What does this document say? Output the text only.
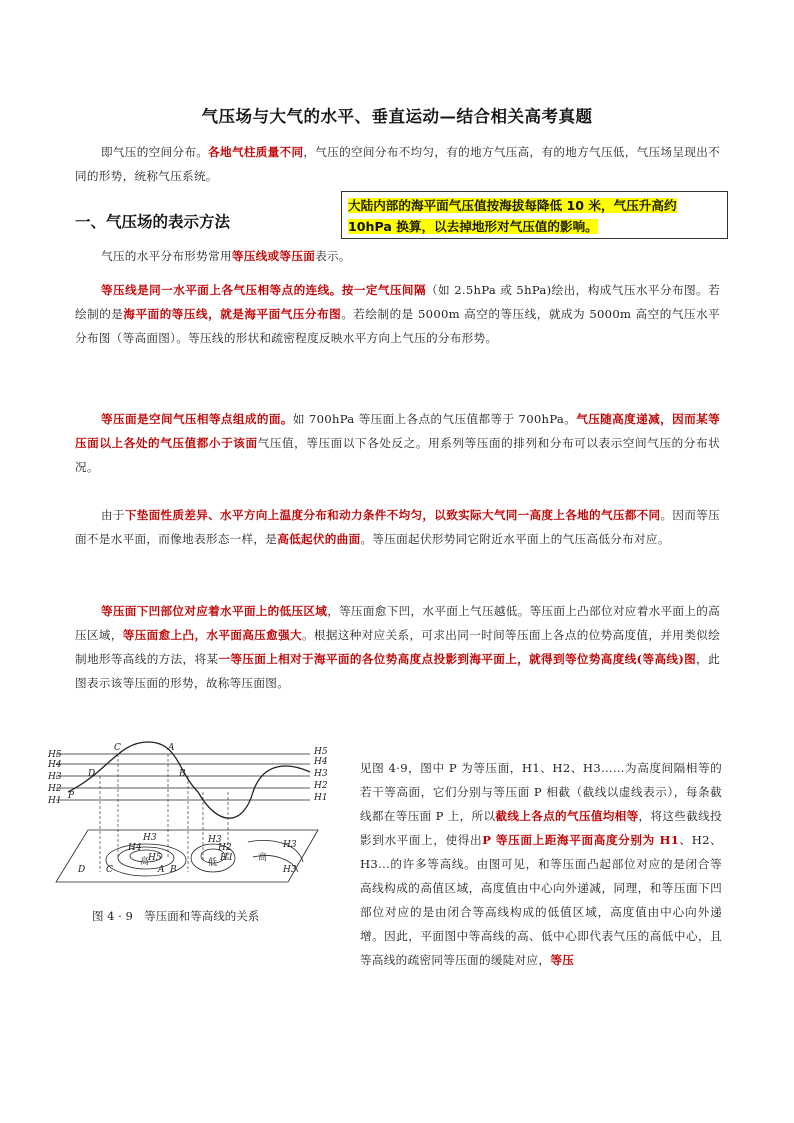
气压场与大气的水平、垂直运动—结合相关高考真题
即气压的空间分布。各地气柱质量不同，气压的空间分布不均匀，有的地方气压高，有的地方气压低，气压场呈现出不同的形势，统称气压系统。
大陆内部的海平面气压值按海拔每降低 10 米，气压升高约 10hPa 换算，以去掉地形对气压值的影响。
一、气压场的表示方法
气压的水平分布形势常用等压线或等压面表示。
等压线是同一水平面上各气压相等点的连线。按一定气压间隔（如 2.5hPa 或 5hPa)绘出，构成气压水平分布图。若绘制的是海平面的等压线，就是海平面气压分布图。若绘制的是 5000m 高空的等压线，就成为 5000m 高空的气压水平分布图（等高面图）。等压线的形状和疏密程度反映水平方向上气压的分布形势。
等压面是空间气压相等点组成的面。如 700hPa 等压面上各点的气压值都等于 700hPa。气压随高度递减，因而某等压面以上各处的气压值都小于该面气压值，等压面以下各处反之。用系列等压面的排列和分布可以表示空间气压的分布状况。
由于下垫面性质差异、水平方向上温度分布和动力条件不均匀，以致实际大气同一高度上各地的气压都不同。因而等压面不是水平面，而像地表形态一样，是高低起伏的曲面。等压面起伏形势同它附近水平面上的气压高低分布对应。
等压面下凹部位对应着水平面上的低压区域，等压面愈下凹，水平面上气压越低。等压面上凸部位对应着水平面上的高压区域，等压面愈上凸，水平面高压愈强大。根据这种对应关系，可求出同一时间等压面上各点的位势高度值，并用类似绘制地形等高线的方法，将某一等压面上相对于海平面的各位势高度点投影到海平面上，就得到等位势高度线(等高线)图，此图表示该等压面的形势，故称等压面图。
H5
H4
H3
H2
H1
H5
H4
H3
H2
H1
C	A
D	B
P
H3
H4
H5
H2
H1
H3	H3
H3
D C	A B
高	低	高
图 4 · 9　等压面和等高线的关系
见图 4·9，图中 P 为等压面，H1、H2、H3……为高度间隔相等的若干等高面，它们分别与等压面 P 相截（截线以虚线表示），每条截线都在等压面 P 上，所以截线上各点的气压值均相等，将这些截线投影到水平面上，使得出P 等压面上距海平面高度分别为 H1、H2、H3…的许多等高线。由图可见，和等压面凸起部位对应的是闭合等高线构成的高值区域，高度值由中心向外递减，同理，和等压面下凹部位对应的是由闭合等高线构成的低值区域，高度值由中心向外递增。因此，平面图中等高线的高、低中心即代表气压的高低中心，且等高线的疏密同等压面的缓陡对应，等压
